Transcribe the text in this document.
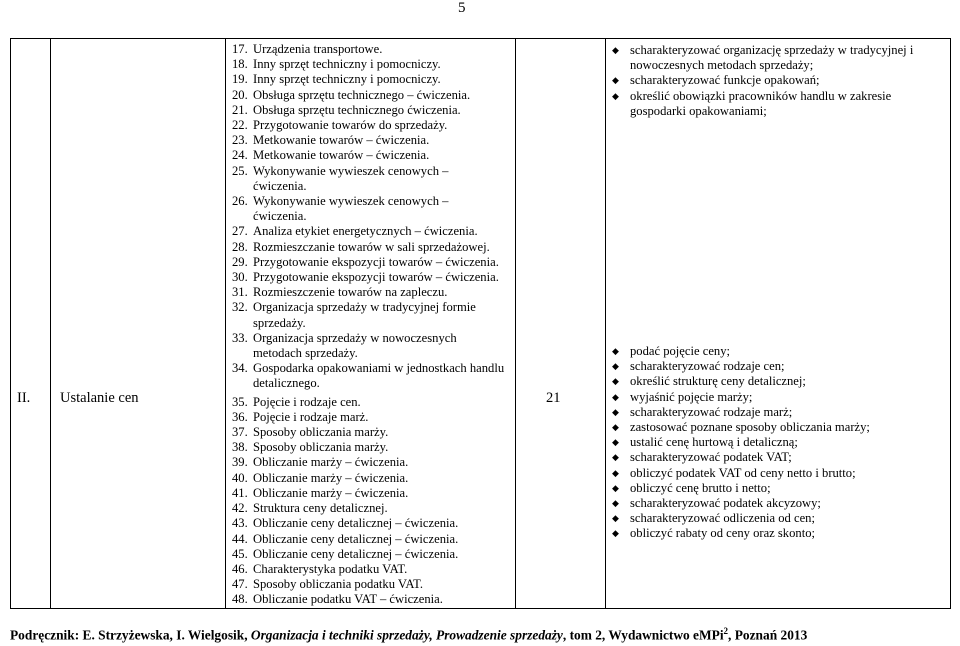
5
II.	Ustalanie cen

17. Urządzenia transportowe.
18. Inny sprzęt techniczny i pomocniczy.
19. Inny sprzęt techniczny i pomocniczy.
20. Obsługa sprzętu technicznego – ćwiczenia.
21. Obsługa sprzętu technicznego ćwiczenia.
22. Przygotowanie towarów do sprzedaży.
23. Metkowanie towarów – ćwiczenia.
24. Metkowanie towarów – ćwiczenia.
25. Wykonywanie wywieszek cenowych – ćwiczenia.
26. Wykonywanie wywieszek cenowych – ćwiczenia.
27. Analiza etykiet energetycznych – ćwiczenia.
28. Rozmieszczanie towarów w sali sprzedażowej.
29. Przygotowanie ekspozycji towarów – ćwiczenia.
30. Przygotowanie ekspozycji towarów – ćwiczenia.
31. Rozmieszczenie towarów na zapleczu.
32. Organizacja sprzedaży w tradycyjnej formie sprzedaży.
33. Organizacja sprzedaży w nowoczesnych metodach sprzedaży.
34. Gospodarka opakowaniami w jednostkach handlu detalicznego.
35. Pojęcie i rodzaje cen.
36. Pojęcie i rodzaje marż.
37. Sposoby obliczania marży.
38. Sposoby obliczania marży.
39. Obliczanie marży – ćwiczenia.
40. Obliczanie marży – ćwiczenia.
41. Obliczanie marży – ćwiczenia.
42. Struktura ceny detalicznej.
43. Obliczanie ceny detalicznej – ćwiczenia.
44. Obliczanie ceny detalicznej – ćwiczenia.
45. Obliczanie ceny detalicznej – ćwiczenia.
46. Charakterystyka podatku VAT.
47. Sposoby obliczania podatku VAT.
48. Obliczanie podatku VAT – ćwiczenia.

21

◆ scharakteryzować organizację sprzedaży w tradycyjnej i nowoczesnych metodach sprzedaży;
◆ scharakteryzować funkcje opakowań;
◆ określić obowiązki pracowników handlu w zakresie gospodarki opakowaniami;
◆ podać pojęcie ceny;
◆ scharakteryzować rodzaje cen;
◆ określić strukturę ceny detalicznej;
◆ wyjaśnić pojęcie marży;
◆ scharakteryzować rodzaje marż;
◆ zastosować poznane sposoby obliczania marży;
◆ ustalić cenę hurtową i detaliczną;
◆ scharakteryzować podatek VAT;
◆ obliczyć podatek VAT od ceny netto i brutto;
◆ obliczyć cenę brutto i netto;
◆ scharakteryzować podatek akcyzowy;
◆ scharakteryzować odliczenia od cen;
◆ obliczyć rabaty od ceny oraz skonto;
Podręcznik: E. Strzyżewska, I. Wielgosik, Organizacja i techniki sprzedaży, Prowadzenie sprzedaży, tom 2, Wydawnictwo eMPi$^2$, Poznań 2013
